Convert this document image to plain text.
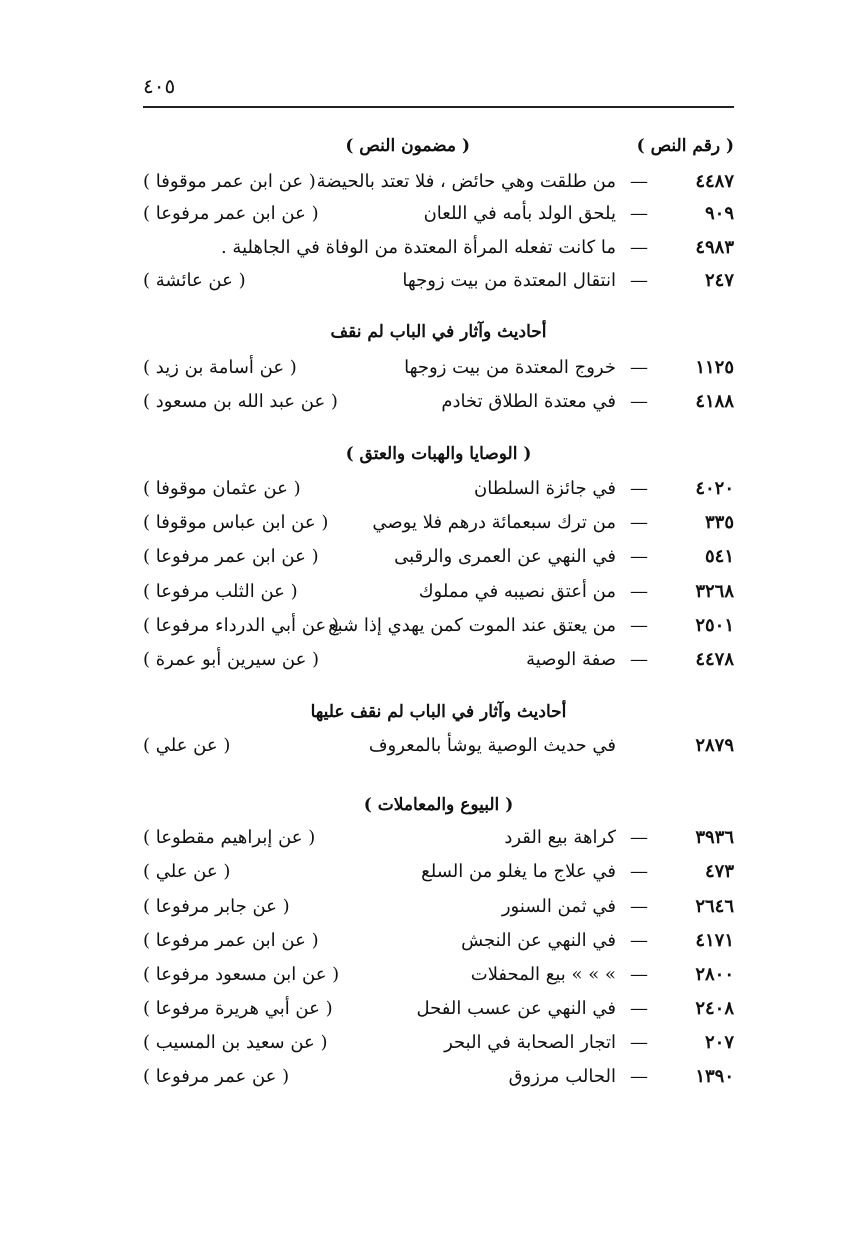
٤٠٥
( رقم النص )
( مضمون النص )
٤٤٨٧
—
من طلقت وهي حائض ، فلا تعتد بالحيضة
( عن ابن عمر موقوفا )
٩٠٩
—
يلحق الولد بأمه في اللعان
( عن ابن عمر مرفوعا )
٤٩٨٣
—
ما كانت تفعله المرأة المعتدة من الوفاة في الجاهلية .
٢٤٧
—
انتقال المعتدة من بيت زوجها
( عن عائشة )
أحاديث وآثار في الباب لم نقف
١١٢٥
—
خروج المعتدة من بيت زوجها
( عن أسامة بن زيد )
٤١٨٨
—
في معتدة الطلاق تخادم
( عن عبد الله بن مسعود )
( الوصايا والهبات والعتق )
٤٠٢٠
—
في جائزة السلطان
( عن عثمان موقوفا )
٣٣٥
—
من ترك سبعمائة درهم فلا يوصي
( عن ابن عباس موقوفا )
٥٤١
—
في النهي عن العمرى والرقبى
( عن ابن عمر مرفوعا )
٣٢٦٨
—
من أعتق نصيبه في مملوك
( عن الثلب مرفوعا )
٢٥٠١
—
من يعتق عند الموت كمن يهدي إذا شبع
( عن أبي الدرداء مرفوعا )
٤٤٧٨
—
صفة الوصية
( عن سيرين أبو عمرة )
أحاديث وآثار في الباب لم نقف عليها
٢٨٧٩
في حديث الوصية يوشأ بالمعروف
( عن علي )
( البيوع والمعاملات )
٣٩٣٦
—
كراهة بيع القرد
( عن إبراهيم مقطوعا )
٤٧٣
—
في علاج ما يغلو من السلع
( عن علي )
٢٦٤٦
—
في ثمن السنور
( عن جابر مرفوعا )
٤١٧١
—
في النهي عن النجش
( عن ابن عمر مرفوعا )
٢٨٠٠
—
» » » بيع المحفلات
( عن ابن مسعود مرفوعا )
٢٤٠٨
—
في النهي عن عسب الفحل
( عن أبي هريرة مرفوعا )
٢٠٧
—
اتجار الصحابة في البحر
( عن سعيد بن المسيب )
١٣٩٠
—
الحالب مرزوق
( عن عمر مرفوعا )
